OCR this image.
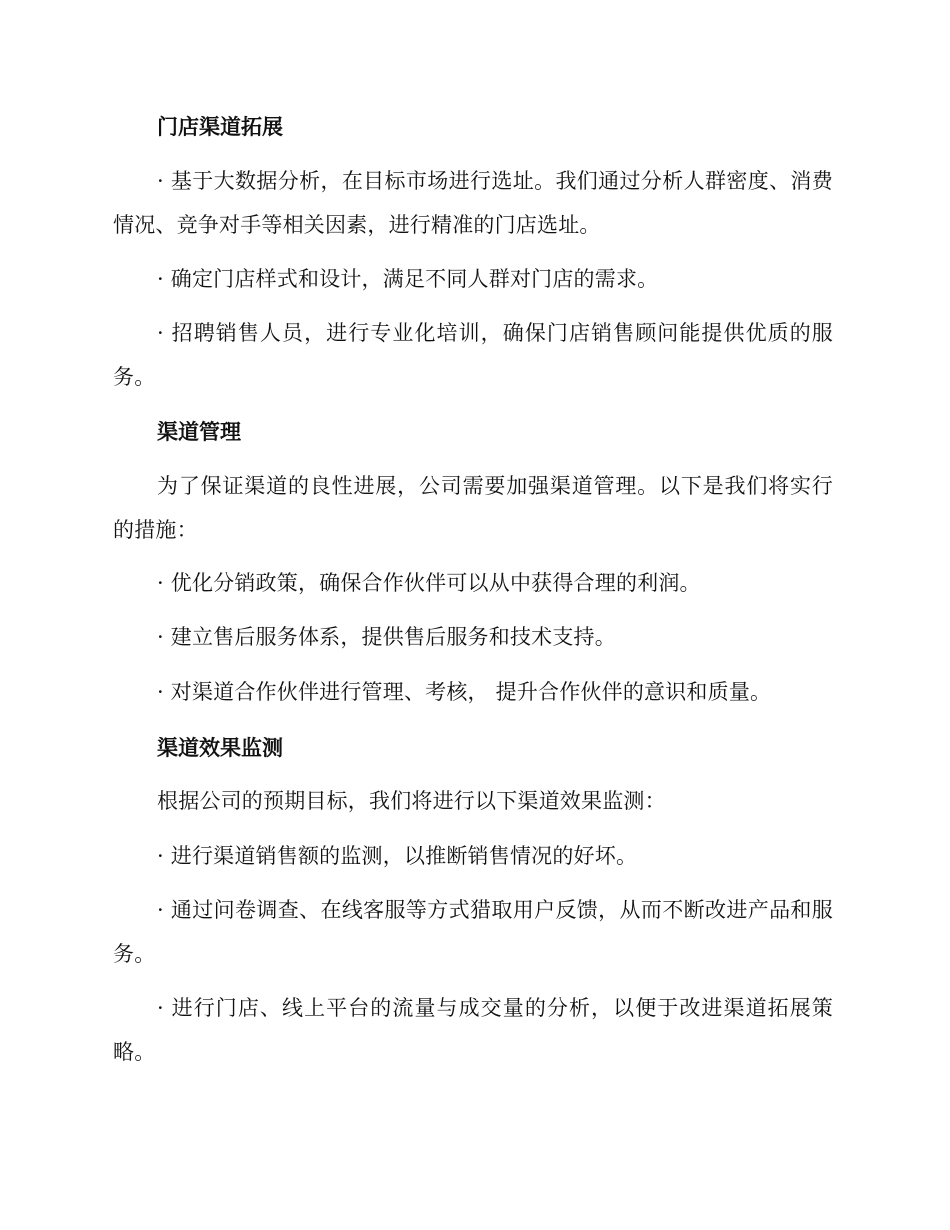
门店渠道拓展
· 基于大数据分析，在目标市场进行选址。我们通过分析人群密度、消费情况、竞争对手等相关因素，进行精准的门店选址。
· 确定门店样式和设计，满足不同人群对门店的需求。
· 招聘销售人员，进行专业化培训，确保门店销售顾问能提供优质的服务。
渠道管理
为了保证渠道的良性进展，公司需要加强渠道管理。以下是我们将实行的措施：
· 优化分销政策，确保合作伙伴可以从中获得合理的利润。
· 建立售后服务体系，提供售后服务和技术支持。
· 对渠道合作伙伴进行管理、考核， 提升合作伙伴的意识和质量。
渠道效果监测
根据公司的预期目标，我们将进行以下渠道效果监测：
· 进行渠道销售额的监测，以推断销售情况的好坏。
· 通过问卷调查、在线客服等方式猎取用户反馈，从而不断改进产品和服务。
· 进行门店、线上平台的流量与成交量的分析，以便于改进渠道拓展策略。
